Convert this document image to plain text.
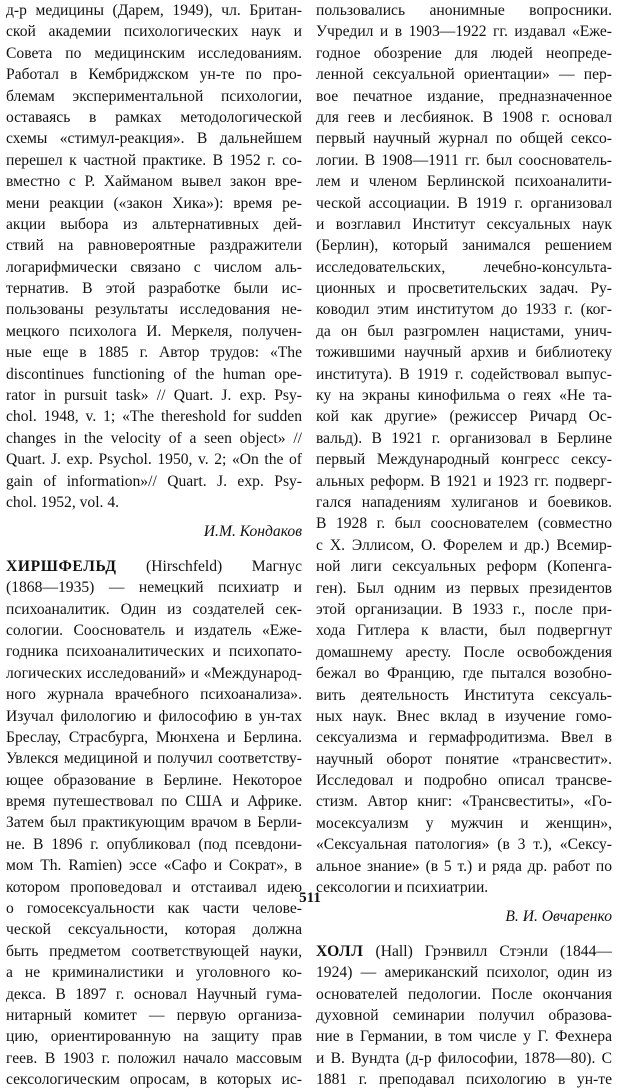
д-р медицины (Дарем, 1949), чл. Британ-
ской академии психологических наук и
Совета по медицинским исследованиям.
Работал в Кембриджском ун-те по про-
блемам экспериментальной психологии,
оставаясь в рамках методологической
схемы «стимул-реакция». В дальнейшем
перешел к частной практике. В 1952 г. со-
вместно с Р. Хайманом вывел закон вре-
мени реакции («закон Хика»): время ре-
акции выбора из альтернативных дей-
ствий на равновероятные раздражители
логарифмически связано с числом аль-
тернатив. В этой разработке были ис-
пользованы результаты исследования не-
мецкого психолога И. Меркеля, получен-
ные еще в 1885 г. Автор трудов: «The
discontinues functioning of the human ope-
rator in pursuit task» // Quart. J. exp. Psy-
chol. 1948, v. 1; «The thereshold for sudden
changes in the velocity of a seen object» //
Quart. J. exp. Psychol. 1950, v. 2; «On the of
gain of information»// Quart. J. exp. Psy-
chol. 1952, vol. 4.
И.М. Кондаков
ХИРШФЕЛЬД (Hirschfeld) Магнус
(1868—1935) — немецкий психиатр и
психоаналитик. Один из создателей сек-
сологии. Сооснователь и издатель «Еже-
годника психоаналитических и психопато-
логических исследований» и «Международ-
ного журнала врачебного психоанализа».
Изучал филологию и философию в ун-тах
Бреслау, Страсбурга, Мюнхена и Берлина.
Увлекся медициной и получил соответству-
ющее образование в Берлине. Некоторое
время путешествовал по США и Африке.
Затем был практикующим врачом в Берли-
не. В 1896 г. опубликовал (под псевдони-
мом Th. Ramien) эссе «Сафо и Сократ», в
котором проповедовал и отстаивал идею
о гомосексуальности как части челове-
ческой сексуальности, которая должна
быть предметом соответствующей науки,
а не криминалистики и уголовного ко-
декса. В 1897 г. основал Научный гума-
нитарный комитет — первую организа-
цию, ориентированную на защиту прав
геев. В 1903 г. положил начало массовым
сексологическим опросам, в которых ис-
пользовались анонимные вопросники.
Учредил и в 1903—1922 гг. издавал «Еже-
годное обозрение для людей неопреде-
ленной сексуальной ориентации» — пер-
вое печатное издание, предназначенное
для геев и лесбиянок. В 1908 г. основал
первый научный журнал по общей сексо-
логии. В 1908—1911 гг. был сооснователь-
лем и членом Берлинской психоаналити-
ческой ассоциации. В 1919 г. организовал
и возглавил Институт сексуальных наук
(Берлин), который занимался решением
исследовательских, лечебно-консульта-
ционных и просветительских задач. Ру-
ководил этим институтом до 1933 г. (ког-
да он был разгромлен нацистами, унич-
тожившими научный архив и библиотеку
института). В 1919 г. содействовал выпус-
ку на экраны кинофильма о геях «Не та-
кой как другие» (режиссер Ричард Ос-
вальд). В 1921 г. организовал в Берлине
первый Международный конгресс сексу-
альных реформ. В 1921 и 1923 гг. подверг-
гался нападениям хулиганов и боевиков.
В 1928 г. был сооснователем (совместно
с Х. Эллисом, О. Форелем и др.) Всемир-
ной лиги сексуальных реформ (Копенга-
ген). Был одним из первых президентов
этой организации. В 1933 г., после при-
хода Гитлера к власти, был подвергнут
домашнему аресту. После освобождения
бежал во Францию, где пытался возобно-
вить деятельность Института сексуаль-
ных наук. Внес вклад в изучение гомо-
сексуализма и гермафродитизма. Ввел в
научный оборот понятие «трансвестит».
Исследовал и подробно описал трансве-
стизм. Автор книг: «Трансвеститы», «Го-
мосексуализм у мужчин и женщин»,
«Сексуальная патология» (в 3 т.), «Сексу-
альное знание» (в 5 т.) и ряда др. работ по
сексологии и психиатрии.
В. И. Овчаренко
ХОЛЛ (Hall) Грэнвилл Стэнли (1844—
1924) — американский психолог, один из
основателей педологии. После окончания
духовной семинарии получил образова-
ние в Германии, в том числе у Г. Фехнера
и В. Вундта (д-р философии, 1878—80). С
1881 г. преподавал психологию в ун-те
511
